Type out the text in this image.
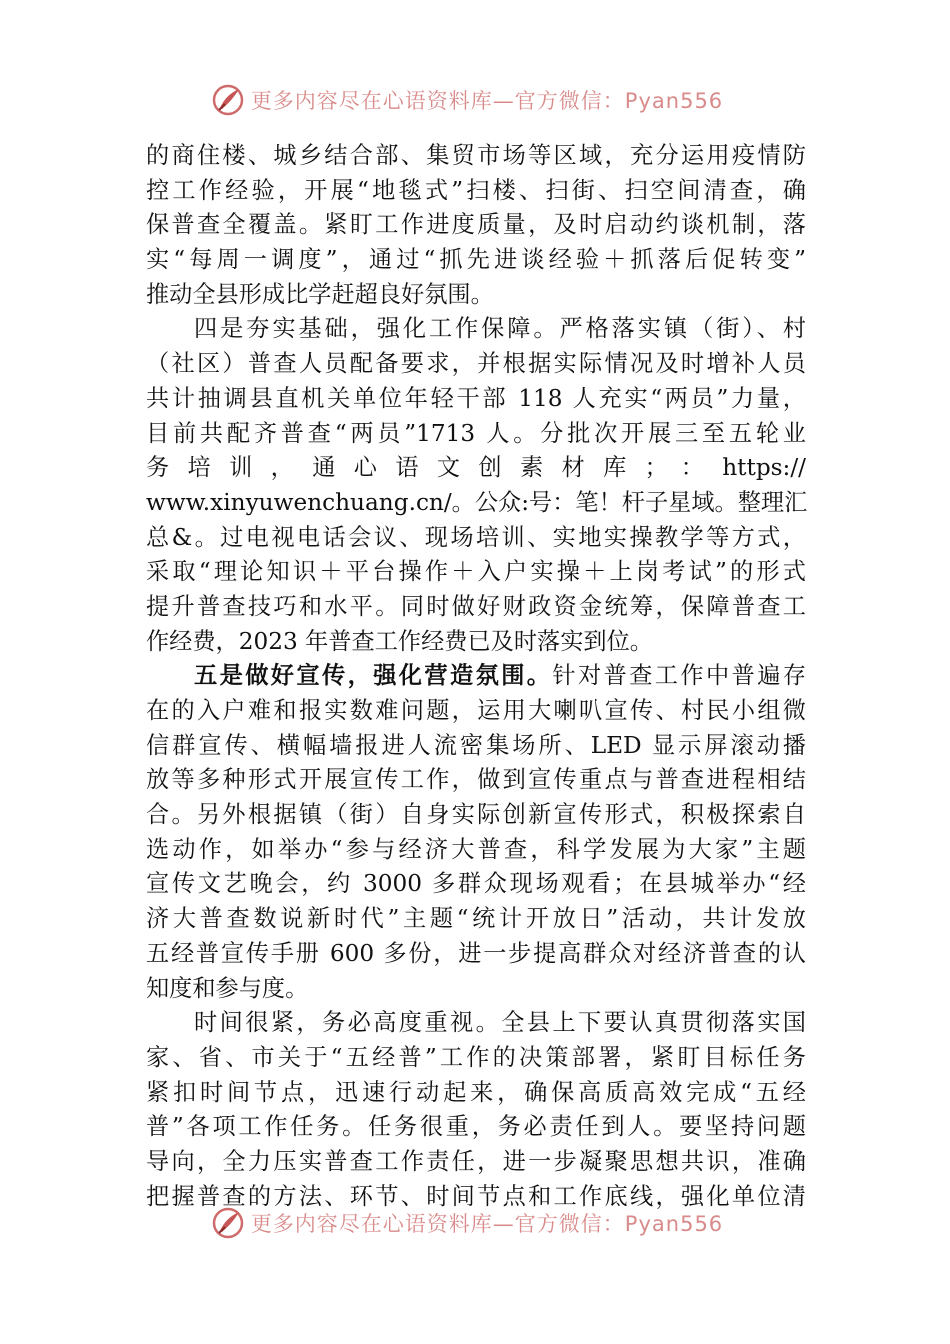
更多内容尽在心语资料库—官方微信：Pyan556
的商住楼、城乡结合部、集贸市场等区域，充分运用疫情防
控工作经验，开展“地毯式”扫楼、扫街、扫空间清查，确
保普查全覆盖。紧盯工作进度质量，及时启动约谈机制，落
实“每周一调度”，通过“抓先进谈经验＋抓落后促转变”
推动全县形成比学赶超良好氛围。
四是夯实基础，强化工作保障。严格落实镇（街）、村
（社区）普查人员配备要求，并根据实际情况及时增补人员
共计抽调县直机关单位年轻干部 118 人充实“两员”力量，
目前共配齐普查“两员”1713 人。分批次开展三至五轮业
务 培 训 ， 通 心 语 文 创 素 材 库 ； ： https://
www.xinyuwenchuang.cn/。公众:号：笔！杆子星域。整理汇
总&。过电视电话会议、现场培训、实地实操教学等方式，
采取“理论知识＋平台操作＋入户实操＋上岗考试”的形式
提升普查技巧和水平。同时做好财政资金统筹，保障普查工
作经费，2023 年普查工作经费已及时落实到位。
五是做好宣传，强化营造氛围。针对普查工作中普遍存
在的入户难和报实数难问题，运用大喇叭宣传、村民小组微
信群宣传、横幅墙报进人流密集场所、LED 显示屏滚动播
放等多种形式开展宣传工作，做到宣传重点与普查进程相结
合。另外根据镇（街）自身实际创新宣传形式，积极探索自
选动作，如举办“参与经济大普查，科学发展为大家”主题
宣传文艺晚会，约 3000 多群众现场观看；在县城举办“经
济大普查数说新时代”主题“统计开放日”活动，共计发放
五经普宣传手册 600 多份，进一步提高群众对经济普查的认
知度和参与度。
时间很紧，务必高度重视。全县上下要认真贯彻落实国
家、省、市关于“五经普”工作的决策部署，紧盯目标任务
紧扣时间节点，迅速行动起来，确保高质高效完成“五经
普”各项工作任务。任务很重，务必责任到人。要坚持问题
导向，全力压实普查工作责任，进一步凝聚思想共识，准确
把握普查的方法、环节、时间节点和工作底线，强化单位清
更多内容尽在心语资料库—官方微信：Pyan556
